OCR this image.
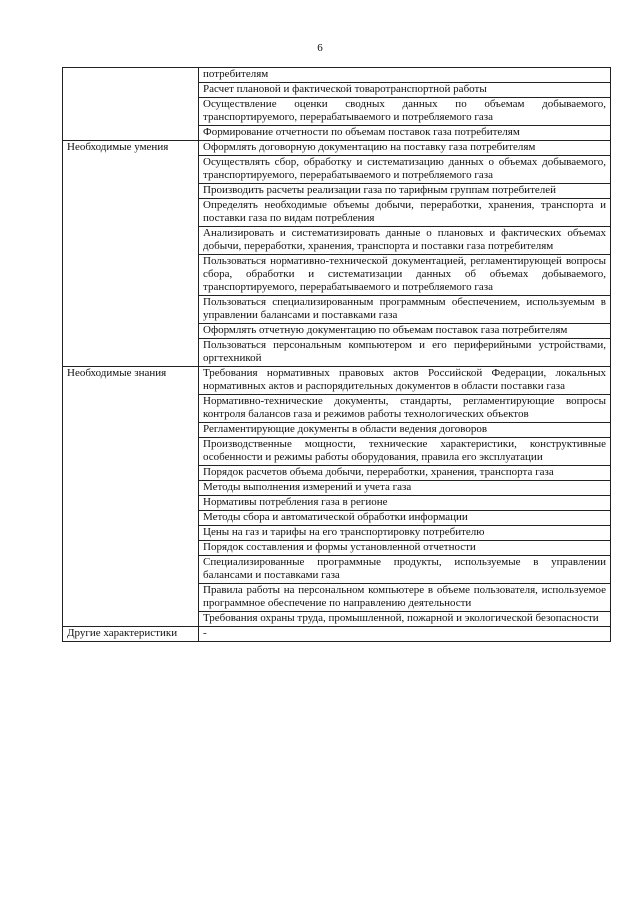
6
	потребителям
	Расчет плановой и фактической товаротранспортной работы
	Осуществление оценки сводных данных по объемам добываемого, транспортируемого, перерабатываемого и потребляемого газа
	Формирование отчетности по объемам поставок газа потребителям
Необходимые умения	Оформлять договорную документацию на поставку газа потребителям
	Осуществлять сбор, обработку и систематизацию данных о объемах добываемого, транспортируемого, перерабатываемого и потребляемого газа
	Производить расчеты реализации газа по тарифным группам потребителей
	Определять необходимые объемы добычи, переработки, хранения, транспорта и поставки газа по видам потребления
	Анализировать и систематизировать данные о плановых и фактических объемах добычи, переработки, хранения, транспорта и поставки газа потребителям
	Пользоваться нормативно-технической документацией, регламентирующей вопросы сбора, обработки и систематизации данных об объемах добываемого, транспортируемого, перерабатываемого и потребляемого газа
	Пользоваться специализированным программным обеспечением, используемым в управлении балансами и поставками газа
	Оформлять отчетную документацию по объемам поставок газа потребителям
	Пользоваться персональным компьютером и его периферийными устройствами, оргтехникой
Необходимые знания	Требования нормативных правовых актов Российской Федерации, локальных нормативных актов и распорядительных документов в области поставки газа
	Нормативно-технические документы, стандарты, регламентирующие вопросы контроля балансов газа и режимов работы технологических объектов
	Регламентирующие документы в области ведения договоров
	Производственные мощности, технические характеристики, конструктивные особенности и режимы работы оборудования, правила его эксплуатации
	Порядок расчетов объема добычи, переработки, хранения, транспорта газа
	Методы выполнения измерений и учета газа
	Нормативы потребления газа в регионе
	Методы сбора и автоматической обработки информации
	Цены на газ и тарифы на его транспортировку потребителю
	Порядок составления и формы установленной отчетности
	Специализированные программные продукты, используемые в управлении балансами и поставками газа
	Правила работы на персональном компьютере в объеме пользователя, используемое программное обеспечение по направлению деятельности
	Требования охраны труда, промышленной, пожарной и экологической безопасности
Другие характеристики	-
